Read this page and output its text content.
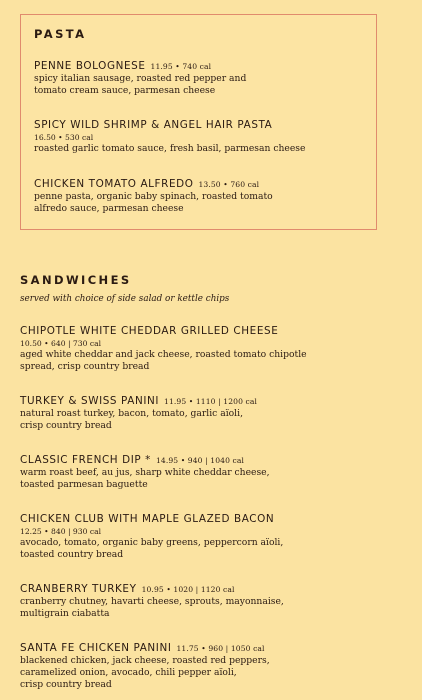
PASTA
PENNE BOLOGNESE 11.95 • 740 cal
spicy italian sausage, roasted red pepper and
tomato cream sauce, parmesan cheese
SPICY WILD SHRIMP & ANGEL HAIR PASTA
16.50 • 530 cal
roasted garlic tomato sauce, fresh basil, parmesan cheese
CHICKEN TOMATO ALFREDO 13.50 • 760 cal
penne pasta, organic baby spinach, roasted tomato
alfredo sauce, parmesan cheese
SANDWICHES
served with choice of side salad or kettle chips
CHIPOTLE WHITE CHEDDAR GRILLED CHEESE
10.50 • 640 | 730 cal
aged white cheddar and jack cheese, roasted tomato chipotle
spread, crisp country bread
TURKEY & SWISS PANINI 11.95 • 1110 | 1200 cal
natural roast turkey, bacon, tomato, garlic aïoli,
crisp country bread
CLASSIC FRENCH DIP * 14.95 • 940 | 1040 cal
warm roast beef, au jus, sharp white cheddar cheese,
toasted parmesan baguette
CHICKEN CLUB WITH MAPLE GLAZED BACON
12.25 • 840 | 930 cal
avocado, tomato, organic baby greens, peppercorn aïoli,
toasted country bread
CRANBERRY TURKEY 10.95 • 1020 | 1120 cal
cranberry chutney, havarti cheese, sprouts, mayonnaise,
multigrain ciabatta
SANTA FE CHICKEN PANINI 11.75 • 960 | 1050 cal
blackened chicken, jack cheese, roasted red peppers,
caramelized onion, avocado, chili pepper aïoli,
crisp country bread
